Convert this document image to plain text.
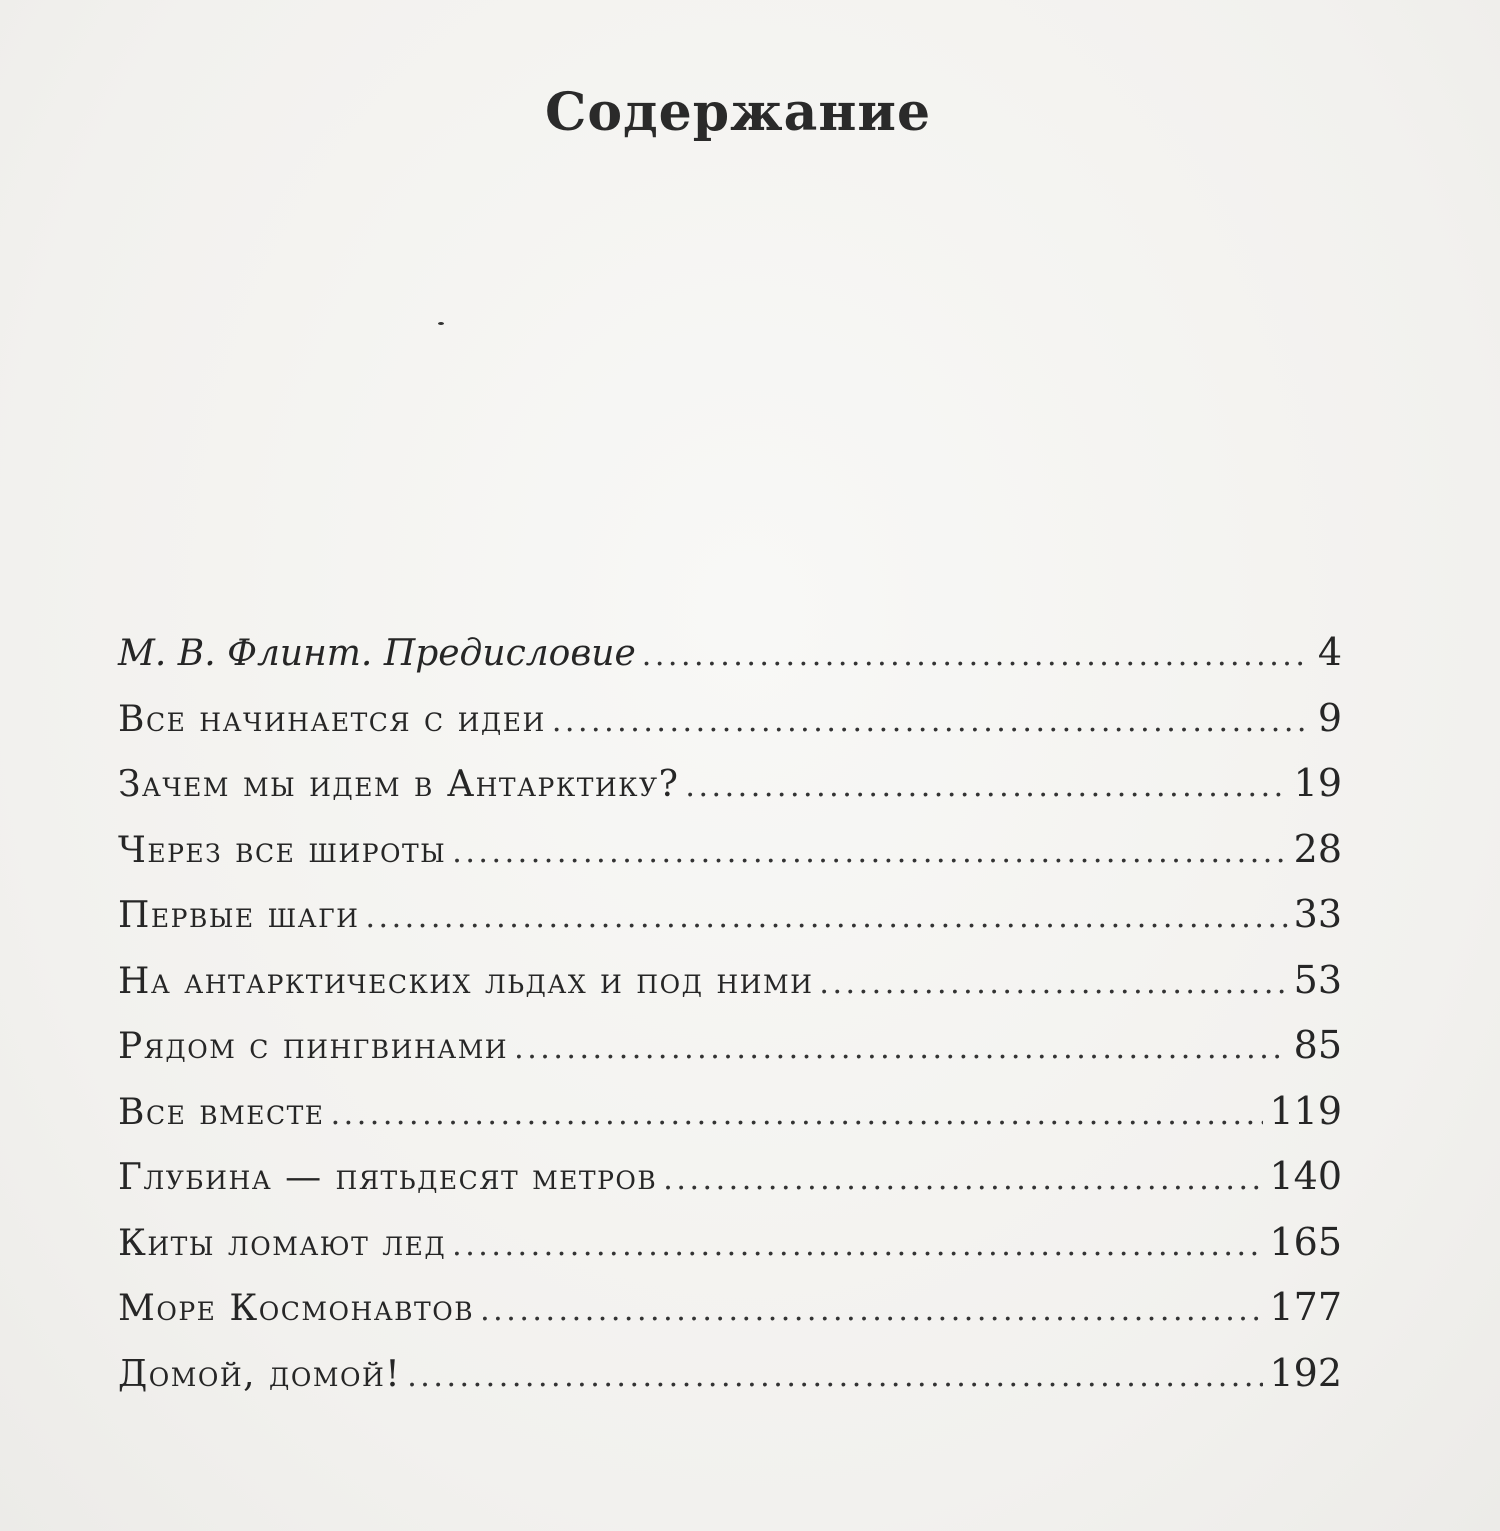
Содержание
М. В. Флинт. Предисловие . . .	4
Все начинается с идеи . . .	9
Зачем мы идем в Антарктику? . . .	19
Через все широты . . .	28
Первые шаги . . .	33
На антарктических льдах и под ними . . .	53
Рядом с пингвинами . . .	85
Все вместе . . .	119
Глубина — пятьдесят метров . . .	140
Киты ломают лед . . .	165
Море Космонавтов . . .	177
Домой, домой! . . .	192
